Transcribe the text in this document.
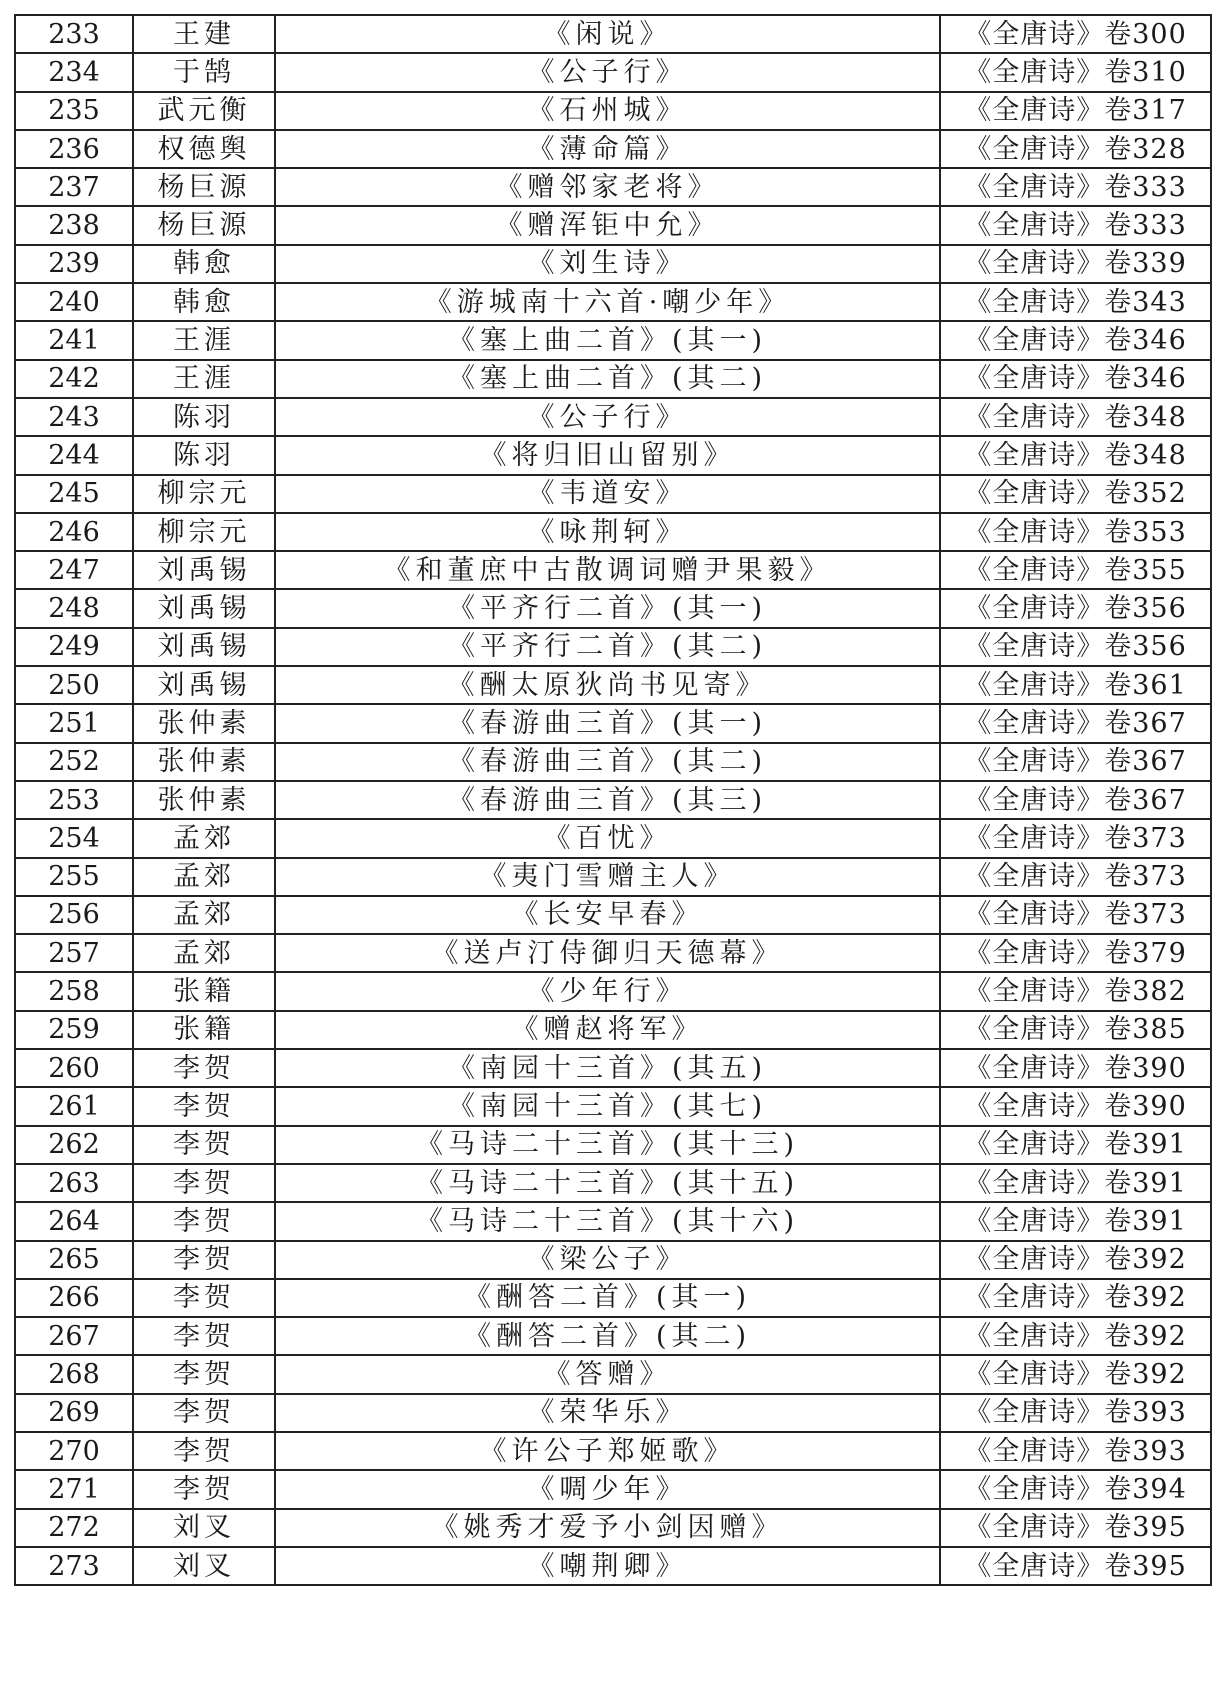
233	王建	《闲说》	《全唐诗》卷300
234	于鹄	《公子行》	《全唐诗》卷310
235	武元衡	《石州城》	《全唐诗》卷317
236	权德舆	《薄命篇》	《全唐诗》卷328
237	杨巨源	《赠邻家老将》	《全唐诗》卷333
238	杨巨源	《赠浑钜中允》	《全唐诗》卷333
239	韩愈	《刘生诗》	《全唐诗》卷339
240	韩愈	《游城南十六首·嘲少年》	《全唐诗》卷343
241	王涯	《塞上曲二首》(其一)	《全唐诗》卷346
242	王涯	《塞上曲二首》(其二)	《全唐诗》卷346
243	陈羽	《公子行》	《全唐诗》卷348
244	陈羽	《将归旧山留别》	《全唐诗》卷348
245	柳宗元	《韦道安》	《全唐诗》卷352
246	柳宗元	《咏荆轲》	《全唐诗》卷353
247	刘禹锡	《和董庶中古散调词赠尹果毅》	《全唐诗》卷355
248	刘禹锡	《平齐行二首》(其一)	《全唐诗》卷356
249	刘禹锡	《平齐行二首》(其二)	《全唐诗》卷356
250	刘禹锡	《酬太原狄尚书见寄》	《全唐诗》卷361
251	张仲素	《春游曲三首》(其一)	《全唐诗》卷367
252	张仲素	《春游曲三首》(其二)	《全唐诗》卷367
253	张仲素	《春游曲三首》(其三)	《全唐诗》卷367
254	孟郊	《百忧》	《全唐诗》卷373
255	孟郊	《夷门雪赠主人》	《全唐诗》卷373
256	孟郊	《长安早春》	《全唐诗》卷373
257	孟郊	《送卢汀侍御归天德幕》	《全唐诗》卷379
258	张籍	《少年行》	《全唐诗》卷382
259	张籍	《赠赵将军》	《全唐诗》卷385
260	李贺	《南园十三首》(其五)	《全唐诗》卷390
261	李贺	《南园十三首》(其七)	《全唐诗》卷390
262	李贺	《马诗二十三首》(其十三)	《全唐诗》卷391
263	李贺	《马诗二十三首》(其十五)	《全唐诗》卷391
264	李贺	《马诗二十三首》(其十六)	《全唐诗》卷391
265	李贺	《梁公子》	《全唐诗》卷392
266	李贺	《酬答二首》(其一)	《全唐诗》卷392
267	李贺	《酬答二首》(其二)	《全唐诗》卷392
268	李贺	《答赠》	《全唐诗》卷392
269	李贺	《荣华乐》	《全唐诗》卷393
270	李贺	《许公子郑姬歌》	《全唐诗》卷393
271	李贺	《啁少年》	《全唐诗》卷394
272	刘叉	《姚秀才爱予小剑因赠》	《全唐诗》卷395
273	刘叉	《嘲荆卿》	《全唐诗》卷395
